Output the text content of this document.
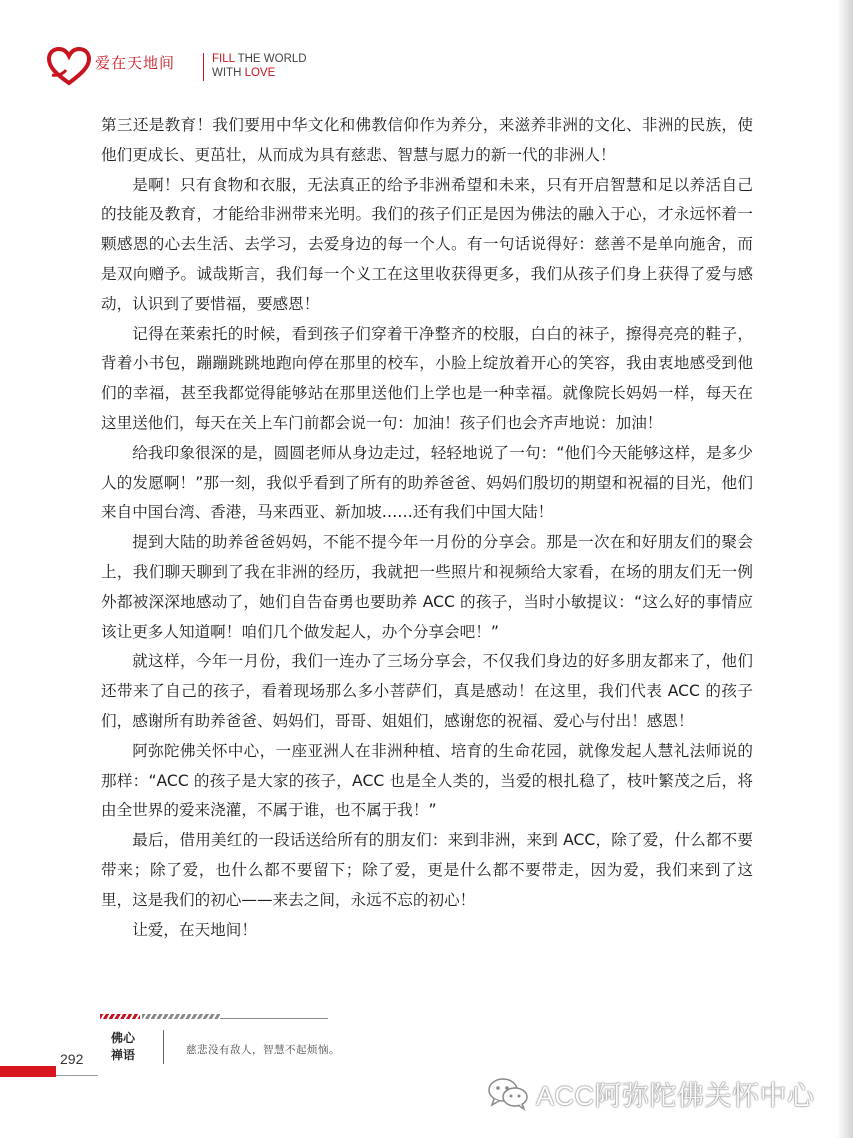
爱在天地间	FILL THE WORLD
WITH LOVE

第三还是教育！我们要用中华文化和佛教信仰作为养分，来滋养非洲的文化、非洲的民族，使他们更成长、更茁壮，从而成为具有慈悲、智慧与愿力的新一代的非洲人！

是啊！只有食物和衣服，无法真正的给予非洲希望和未来，只有开启智慧和足以养活自己的技能及教育，才能给非洲带来光明。我们的孩子们正是因为佛法的融入于心，才永远怀着一颗感恩的心去生活、去学习，去爱身边的每一个人。有一句话说得好：慈善不是单向施舍，而是双向赠予。诚哉斯言，我们每一个义工在这里收获得更多，我们从孩子们身上获得了爱与感动，认识到了要惜福，要感恩！

记得在莱索托的时候，看到孩子们穿着干净整齐的校服，白白的袜子，擦得亮亮的鞋子，背着小书包，蹦蹦跳跳地跑向停在那里的校车，小脸上绽放着开心的笑容，我由衷地感受到他们的幸福，甚至我都觉得能够站在那里送他们上学也是一种幸福。就像院长妈妈一样，每天在这里送他们，每天在关上车门前都会说一句：加油！孩子们也会齐声地说：加油！

给我印象很深的是，圆圆老师从身边走过，轻轻地说了一句：“他们今天能够这样，是多少人的发愿啊！”那一刻，我似乎看到了所有的助养爸爸、妈妈们殷切的期望和祝福的目光，他们来自中国台湾、香港，马来西亚、新加坡……还有我们中国大陆！

提到大陆的助养爸爸妈妈，不能不提今年一月份的分享会。那是一次在和好朋友们的聚会上，我们聊天聊到了我在非洲的经历，我就把一些照片和视频给大家看，在场的朋友们无一例外都被深深地感动了，她们自告奋勇也要助养 ACC 的孩子，当时小敏提议：“这么好的事情应该让更多人知道啊！咱们几个做发起人，办个分享会吧！”

就这样，今年一月份，我们一连办了三场分享会，不仅我们身边的好多朋友都来了，他们还带来了自己的孩子，看着现场那么多小菩萨们，真是感动！在这里，我们代表 ACC 的孩子们，感谢所有助养爸爸、妈妈们，哥哥、姐姐们，感谢您的祝福、爱心与付出！感恩！

阿弥陀佛关怀中心，一座亚洲人在非洲种植、培育的生命花园，就像发起人慧礼法师说的那样：“ACC 的孩子是大家的孩子，ACC 也是全人类的，当爱的根扎稳了，枝叶繁茂之后，将由全世界的爱来浇灌，不属于谁，也不属于我！”

最后，借用美红的一段话送给所有的朋友们：来到非洲，来到 ACC，除了爱，什么都不要带来；除了爱，也什么都不要留下；除了爱，更是什么都不要带走，因为爱，我们来到了这里，这是我们的初心——来去之间，永远不忘的初心！

让爱，在天地间！

佛心禅语	慈悲没有敌人，智慧不起烦恼。
292
ACC阿弥陀佛关怀中心
